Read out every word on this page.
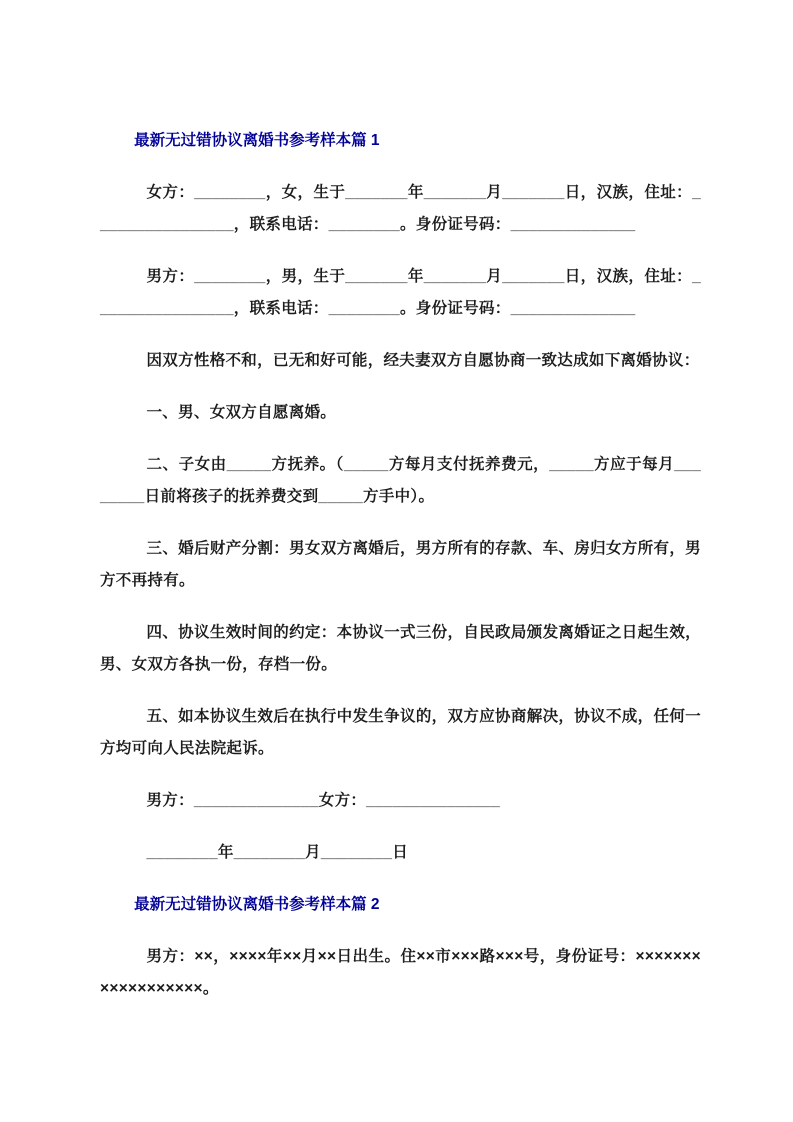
最新无过错协议离婚书参考样本篇 1

女方：________，女，生于_______年_______月_______日，汉族，住址：________________，联系电话：________。身份证号码：______________

男方：________，男，生于_______年_______月_______日，汉族，住址：________________，联系电话：________。身份证号码：______________

因双方性格不和，已无和好可能，经夫妻双方自愿协商一致达成如下离婚协议：

一、男、女双方自愿离婚。

二、子女由_____方抚养。（_____方每月支付抚养费元，_____方应于每月________日前将孩子的抚养费交到_____方手中）。

三、婚后财产分割：男女双方离婚后，男方所有的存款、车、房归女方所有，男方不再持有。

四、协议生效时间的约定：本协议一式三份，自民政局颁发离婚证之日起生效，男、女双方各执一份，存档一份。

五、如本协议生效后在执行中发生争议的，双方应协商解决，协议不成，任何一方均可向人民法院起诉。

男方：______________女方：_______________

________年________月________日

最新无过错协议离婚书参考样本篇 2

男方：××，××××年××月××日出生。住××市×××路×××号，身份证号：××××××××××××××××××。
